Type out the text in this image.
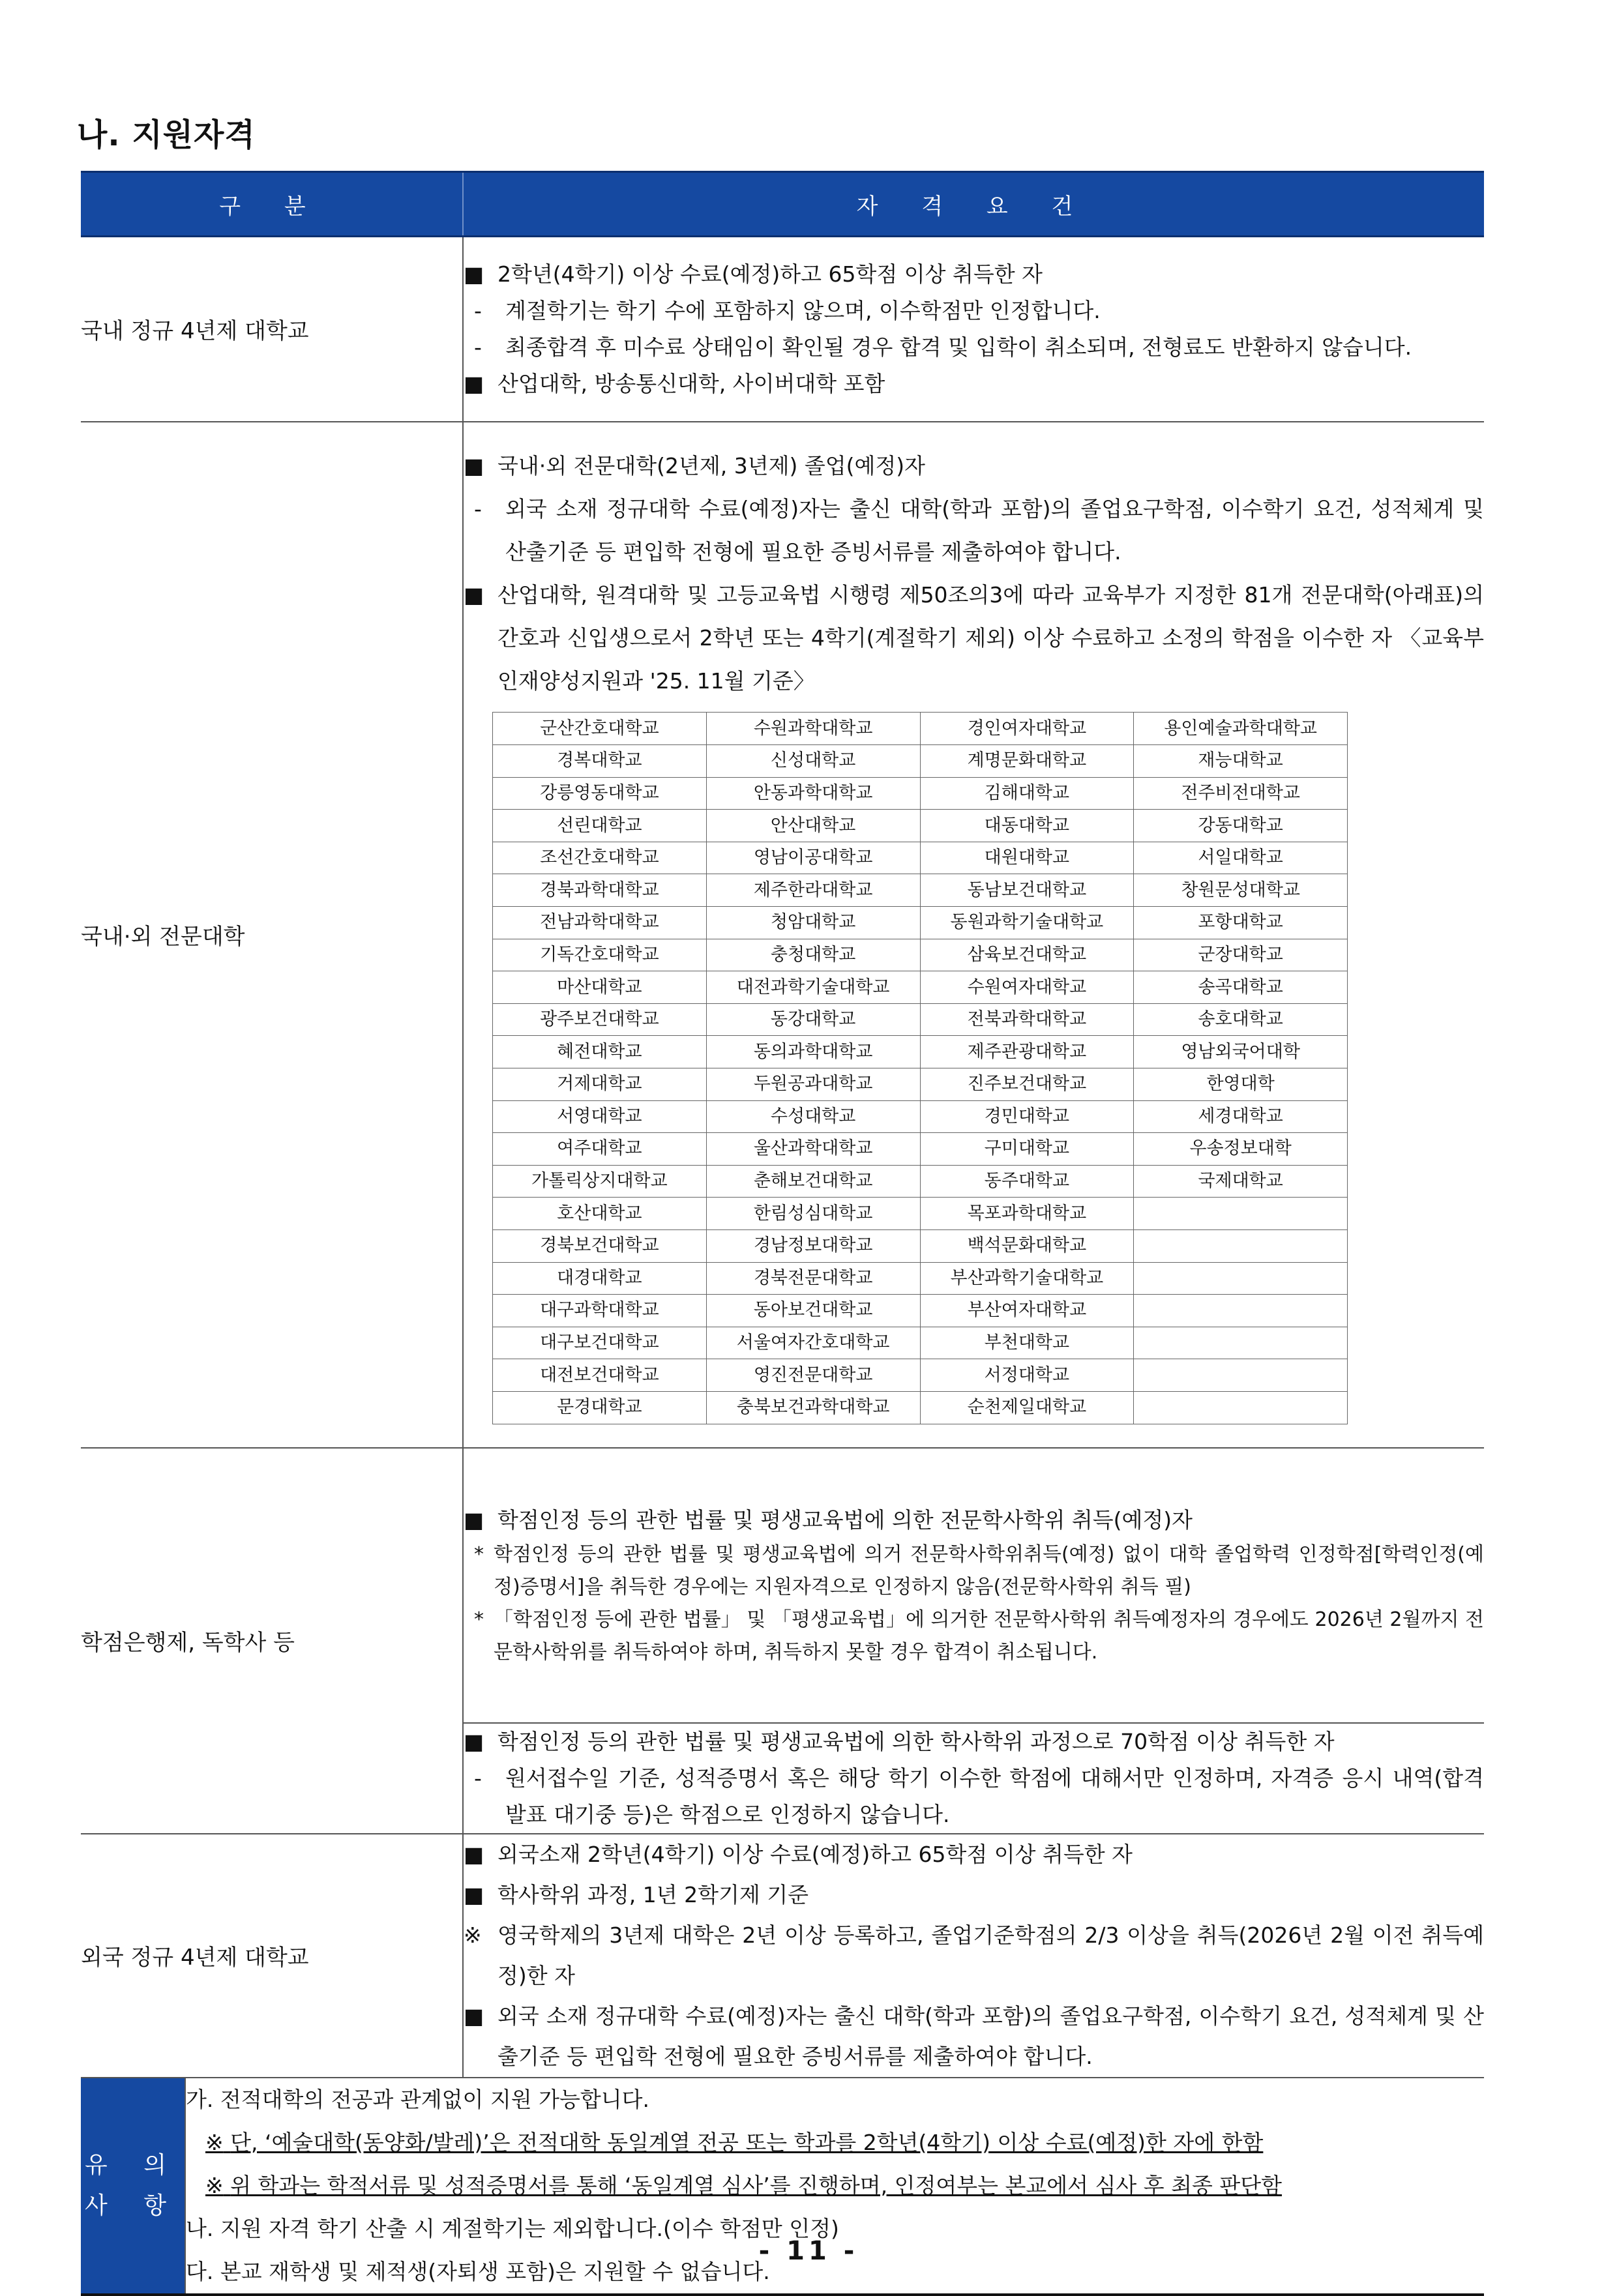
나. 지원자격
구 분	자 격 요 건
국내 정규 4년제 대학교	
■ 2학년(4학기) 이상 수료(예정)하고 65학점 이상 취득한 자
-	계절학기는 학기 수에 포함하지 않으며, 이수학점만 인정합니다.
-	최종합격 후 미수료 상태임이 확인될 경우 합격 및 입학이 취소되며, 전형료도 반환하지 않습니다.
■ 산업대학, 방송통신대학, 사이버대학 포함

국내·외 전문대학	
■ 국내·외 전문대학(2년제, 3년제) 졸업(예정)자
-	외국 소재 정규대학 수료(예정)자는 출신 대학(학과 포함)의 졸업요구학점, 이수학기 요건, 성적체계 및 산출기준 등 편입학 전형에 필요한 증빙서류를 제출하여야 합니다.
■ 산업대학, 원격대학 및 고등교육법 시행령 제50조의3에 따라 교육부가 지정한 81개 전문대학(아래표)의 간호과 신입생으로서 2학년 또는 4학기(계절학기 제외) 이상 수료하고 소정의 학점을 이수한 자 〈교육부 인재양성지원과 '25. 11월 기준〉
군산간호대학교	수원과학대학교	경인여자대학교	용인예술과학대학교
경복대학교	신성대학교	계명문화대학교	재능대학교
강릉영동대학교	안동과학대학교	김해대학교	전주비전대학교
선린대학교	안산대학교	대동대학교	강동대학교
조선간호대학교	영남이공대학교	대원대학교	서일대학교
경북과학대학교	제주한라대학교	동남보건대학교	창원문성대학교
전남과학대학교	청암대학교	동원과학기술대학교	포항대학교
기독간호대학교	충청대학교	삼육보건대학교	군장대학교
마산대학교	대전과학기술대학교	수원여자대학교	송곡대학교
광주보건대학교	동강대학교	전북과학대학교	송호대학교
혜전대학교	동의과학대학교	제주관광대학교	영남외국어대학
거제대학교	두원공과대학교	진주보건대학교	한영대학
서영대학교	수성대학교	경민대학교	세경대학교
여주대학교	울산과학대학교	구미대학교	우송정보대학
가톨릭상지대학교	춘해보건대학교	동주대학교	국제대학교
호산대학교	한림성심대학교	목포과학대학교	
경북보건대학교	경남정보대학교	백석문화대학교	
대경대학교	경북전문대학교	부산과학기술대학교	
대구과학대학교	동아보건대학교	부산여자대학교	
대구보건대학교	서울여자간호대학교	부천대학교	
대전보건대학교	영진전문대학교	서정대학교	
문경대학교	충북보건과학대학교	순천제일대학교	

학점은행제, 독학사 등	
■ 학점인정 등의 관한 법률 및 평생교육법에 의한 전문학사학위 취득(예정)자
* 학점인정 등의 관한 법률 및 평생교육법에 의거 전문학사학위취득(예정) 없이 대학 졸업학력 인정학점[학력인정(예정)증명서]을 취득한 경우에는 지원자격으로 인정하지 않음(전문학사학위 취득 필)
* 「학점인정 등에 관한 법률」 및 「평생교육법」에 의거한 전문학사학위 취득예정자의 경우에도 2026년 2월까지 전문학사학위를 취득하여야 하며, 취득하지 못할 경우 합격이 취소됩니다.

■ 학점인정 등의 관한 법률 및 평생교육법에 의한 학사학위 과정으로 70학점 이상 취득한 자
-	원서접수일 기준, 성적증명서 혹은 해당 학기 이수한 학점에 대해서만 인정하며, 자격증 응시 내역(합격 발표 대기중 등)은 학점으로 인정하지 않습니다.

외국 정규 4년제 대학교	
■ 외국소재 2학년(4학기) 이상 수료(예정)하고 65학점 이상 취득한 자
■ 학사학위 과정, 1년 2학기제 기준
※ 영국학제의 3년제 대학은 2년 이상 등록하고, 졸업기준학점의 2/3 이상을 취득(2026년 2월 이전 취득예정)한 자
■ 외국 소재 정규대학 수료(예정)자는 출신 대학(학과 포함)의 졸업요구학점, 이수학기 요건, 성적체계 및 산출기준 등 편입학 전형에 필요한 증빙서류를 제출하여야 합니다.

유 의
사 항

가. 전적대학의 전공과 관계없이 지원 가능합니다.
※ 단, ‘예술대학(동양화/발레)’은 전적대학 동일계열 전공 또는 학과를 2학년(4학기) 이상 수료(예정)한 자에 한함
※ 위 학과는 학적서류 및 성적증명서를 통해 ‘동일계열 심사’를 진행하며, 인정여부는 본교에서 심사 후 최종 판단함
나. 지원 자격 학기 산출 시 계절학기는 제외합니다.(이수 학점만 인정)
다. 본교 재학생 및 제적생(자퇴생 포함)은 지원할 수 없습니다.
- 11 -
